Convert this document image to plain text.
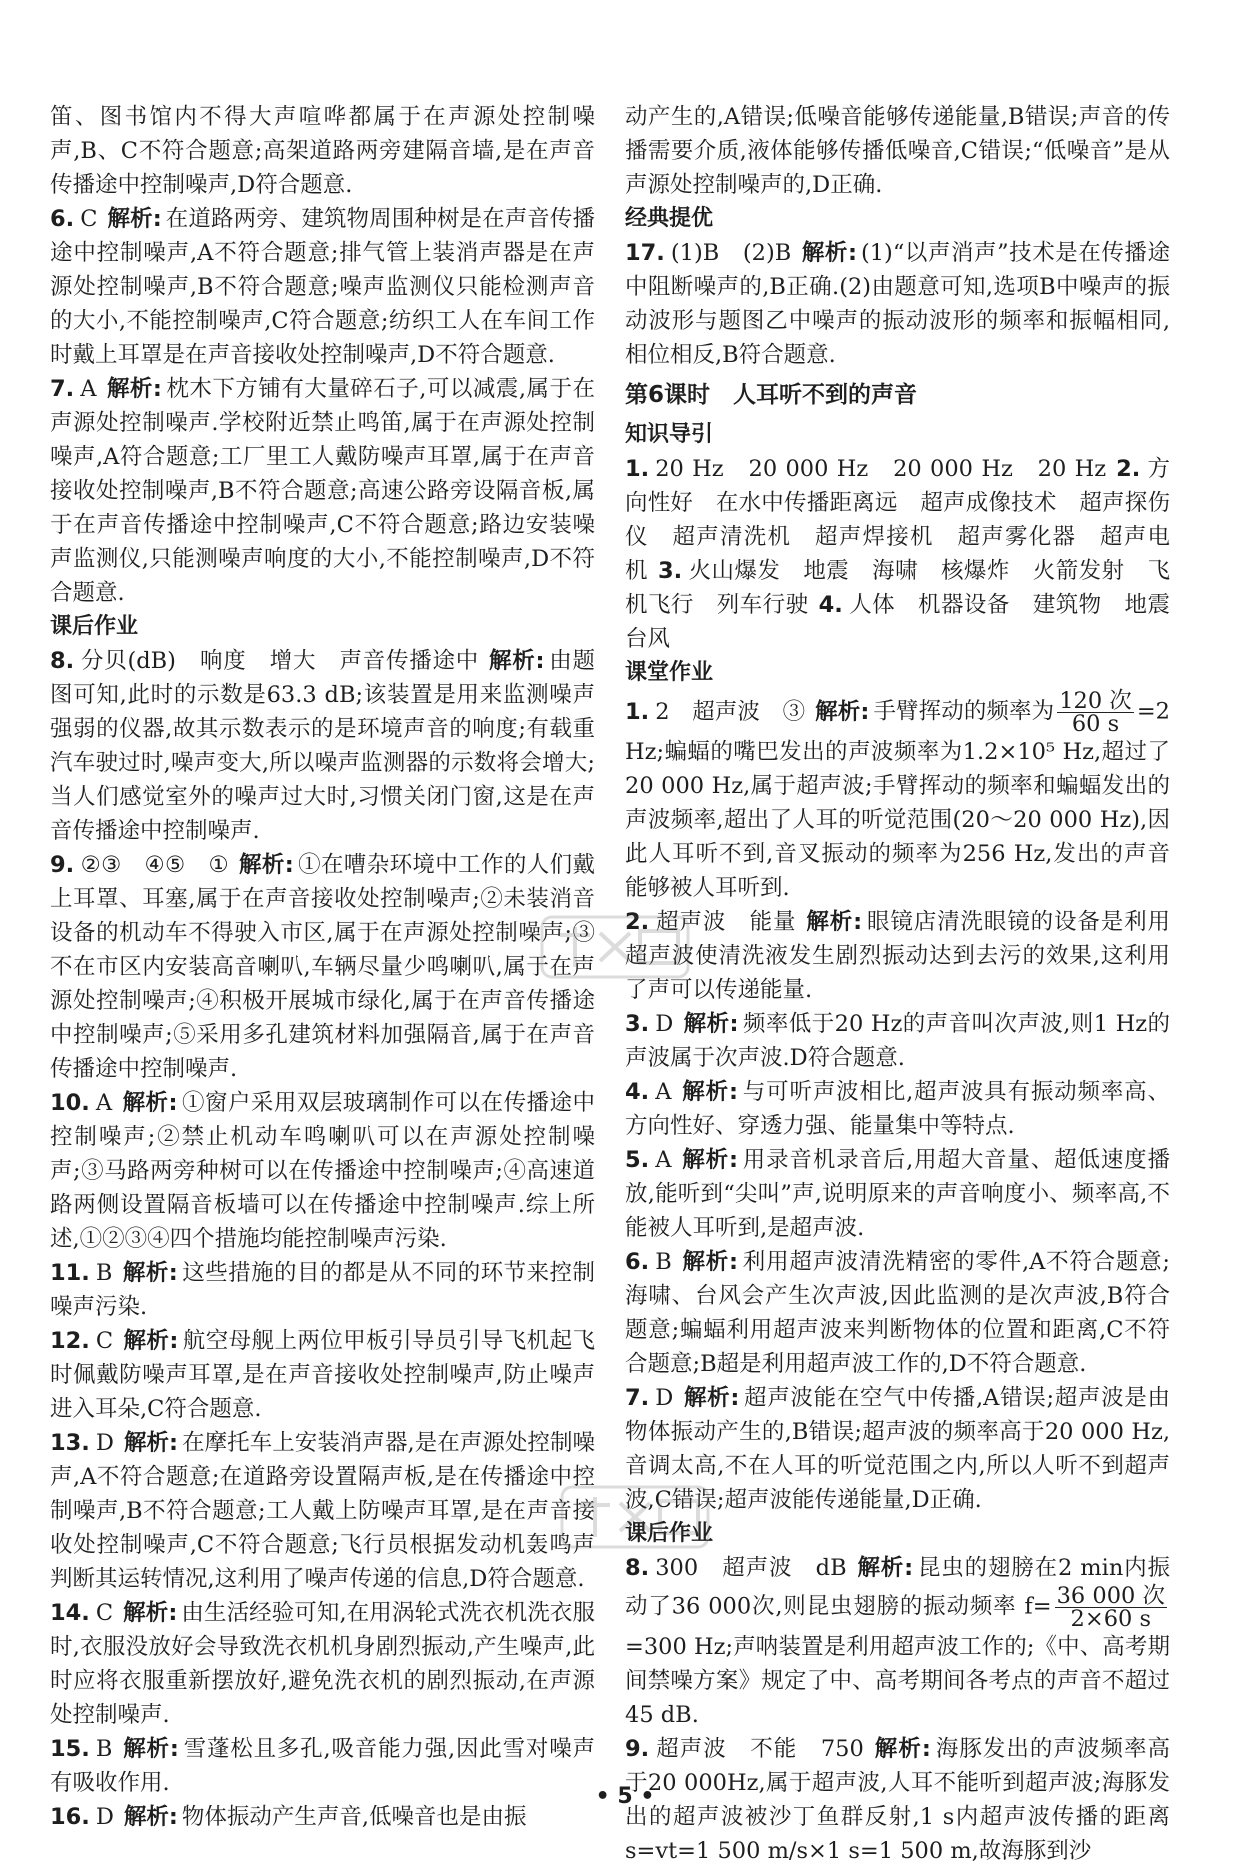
笛、图书馆内不得大声喧哗都属于在声源处控制噪声,B、C不符合题意;高架道路两旁建隔音墙,是在声音传播途中控制噪声,D符合题意.

6. C 解析: 在道路两旁、建筑物周围种树是在声音传播途中控制噪声,A不符合题意;排气管上装消声器是在声源处控制噪声,B不符合题意;噪声监测仪只能检测声音的大小,不能控制噪声,C符合题意;纺织工人在车间工作时戴上耳罩是在声音接收处控制噪声,D不符合题意.

7. A 解析: 枕木下方铺有大量碎石子,可以减震,属于在声源处控制噪声.学校附近禁止鸣笛,属于在声源处控制噪声,A符合题意;工厂里工人戴防噪声耳罩,属于在声音接收处控制噪声,B不符合题意;高速公路旁设隔音板,属于在声音传播途中控制噪声,C不符合题意;路边安装噪声监测仪,只能测噪声响度的大小,不能控制噪声,D不符合题意.

课后作业

8. 分贝(dB)　响度　增大　声音传播途中 解析: 由题图可知,此时的示数是63.3 dB;该装置是用来监测噪声强弱的仪器,故其示数表示的是环境声音的响度;有载重汽车驶过时,噪声变大,所以噪声监测器的示数将会增大;当人们感觉室外的噪声过大时,习惯关闭门窗,这是在声音传播途中控制噪声.

9. ②③　④⑤　① 解析: ①在嘈杂环境中工作的人们戴上耳罩、耳塞,属于在声音接收处控制噪声;②未装消音设备的机动车不得驶入市区,属于在声源处控制噪声;③不在市区内安装高音喇叭,车辆尽量少鸣喇叭,属于在声源处控制噪声;④积极开展城市绿化,属于在声音传播途中控制噪声;⑤采用多孔建筑材料加强隔音,属于在声音传播途中控制噪声.

10. A 解析: ①窗户采用双层玻璃制作可以在传播途中控制噪声;②禁止机动车鸣喇叭可以在声源处控制噪声;③马路两旁种树可以在传播途中控制噪声;④高速道路两侧设置隔音板墙可以在传播途中控制噪声.综上所述,①②③④四个措施均能控制噪声污染.

11. B 解析: 这些措施的目的都是从不同的环节来控制噪声污染.

12. C 解析: 航空母舰上两位甲板引导员引导飞机起飞时佩戴防噪声耳罩,是在声音接收处控制噪声,防止噪声进入耳朵,C符合题意.

13. D 解析: 在摩托车上安装消声器,是在声源处控制噪声,A不符合题意;在道路旁设置隔声板,是在传播途中控制噪声,B不符合题意;工人戴上防噪声耳罩,是在声音接收处控制噪声,C不符合题意;飞行员根据发动机轰鸣声判断其运转情况,这利用了噪声传递的信息,D符合题意.

14. C 解析: 由生活经验可知,在用涡轮式洗衣机洗衣服时,衣服没放好会导致洗衣机机身剧烈振动,产生噪声,此时应将衣服重新摆放好,避免洗衣机的剧烈振动,在声源处控制噪声.

15. B 解析: 雪蓬松且多孔,吸音能力强,因此雪对噪声有吸收作用.

16. D 解析: 物体振动产生声音,低噪音也是由振

动产生的,A错误;低噪音能够传递能量,B错误;声音的传播需要介质,液体能够传播低噪音,C错误;“低噪音”是从声源处控制噪声的,D正确.

经典提优

17. (1)B　(2)B 解析: (1)“以声消声”技术是在传播途中阻断噪声的,B正确.(2)由题意可知,选项B中噪声的振动波形与题图乙中噪声的振动波形的频率和振幅相同,相位相反,B符合题意.

第6课时　人耳听不到的声音

知识导引

1. 20 Hz　20 000 Hz　20 000 Hz　20 Hz 2. 方向性好　在水中传播距离远　超声成像技术　超声探伤仪　超声清洗机　超声焊接机　超声雾化器　超声电机 3. 火山爆发　地震　海啸　核爆炸　火箭发射　飞机飞行　列车行驶 4. 人体　机器设备　建筑物　地震　台风

课堂作业

1. 2　超声波　③ 解析: 手臂挥动的频率为 $\frac{\text{120 次}}{60 s} =2$ Hz;蝙蝠的嘴巴发出的声波频率为1.2×10⁵ Hz,超过了20 000 Hz,属于超声波;手臂挥动的频率和蝙蝠发出的声波频率,超出了人耳的听觉范围(20～20 000 Hz),因此人耳听不到,音叉振动的频率为256 Hz,发出的声音能够被人耳听到.

2. 超声波　能量 解析: 眼镜店清洗眼镜的设备是利用超声波使清洗液发生剧烈振动达到去污的效果,这利用了声可以传递能量.

3. D 解析: 频率低于20 Hz的声音叫次声波,则1 Hz的声波属于次声波.D符合题意.

4. A 解析: 与可听声波相比,超声波具有振动频率高、方向性好、穿透力强、能量集中等特点.

5. A 解析: 用录音机录音后,用超大音量、超低速度播放,能听到“尖叫”声,说明原来的声音响度小、频率高,不能被人耳听到,是超声波.

6. B 解析: 利用超声波清洗精密的零件,A不符合题意;海啸、台风会产生次声波,因此监测的是次声波,B符合题意;蝙蝠利用超声波来判断物体的位置和距离,C不符合题意;B超是利用超声波工作的,D不符合题意.

7. D 解析: 超声波能在空气中传播,A错误;超声波是由物体振动产生的,B错误;超声波的频率高于20 000 Hz,音调太高,不在人耳的听觉范围之内,所以人听不到超声波,C错误;超声波能传递能量,D正确.

课后作业

8. 300　超声波　dB 解析: 昆虫的翅膀在2 min内振动了36 000次,则昆虫翅膀的振动频率 $f= \frac{\text{36 000 次}}{2\times 60 s}$
=300 Hz;声呐装置是利用超声波工作的;《中、高考期间禁噪方案》规定了中、高考期间各考点的声音不超过45 dB.

9. 超声波　不能　750 解析: 海豚发出的声波频率高于20 000Hz,属于超声波,人耳不能听到超声波;海豚发出的超声波被沙丁鱼群反射,1 s内超声波传播的距离 s=vt=1 500 m/s×1 s=1 500 m,故海豚到沙

• 5 •
